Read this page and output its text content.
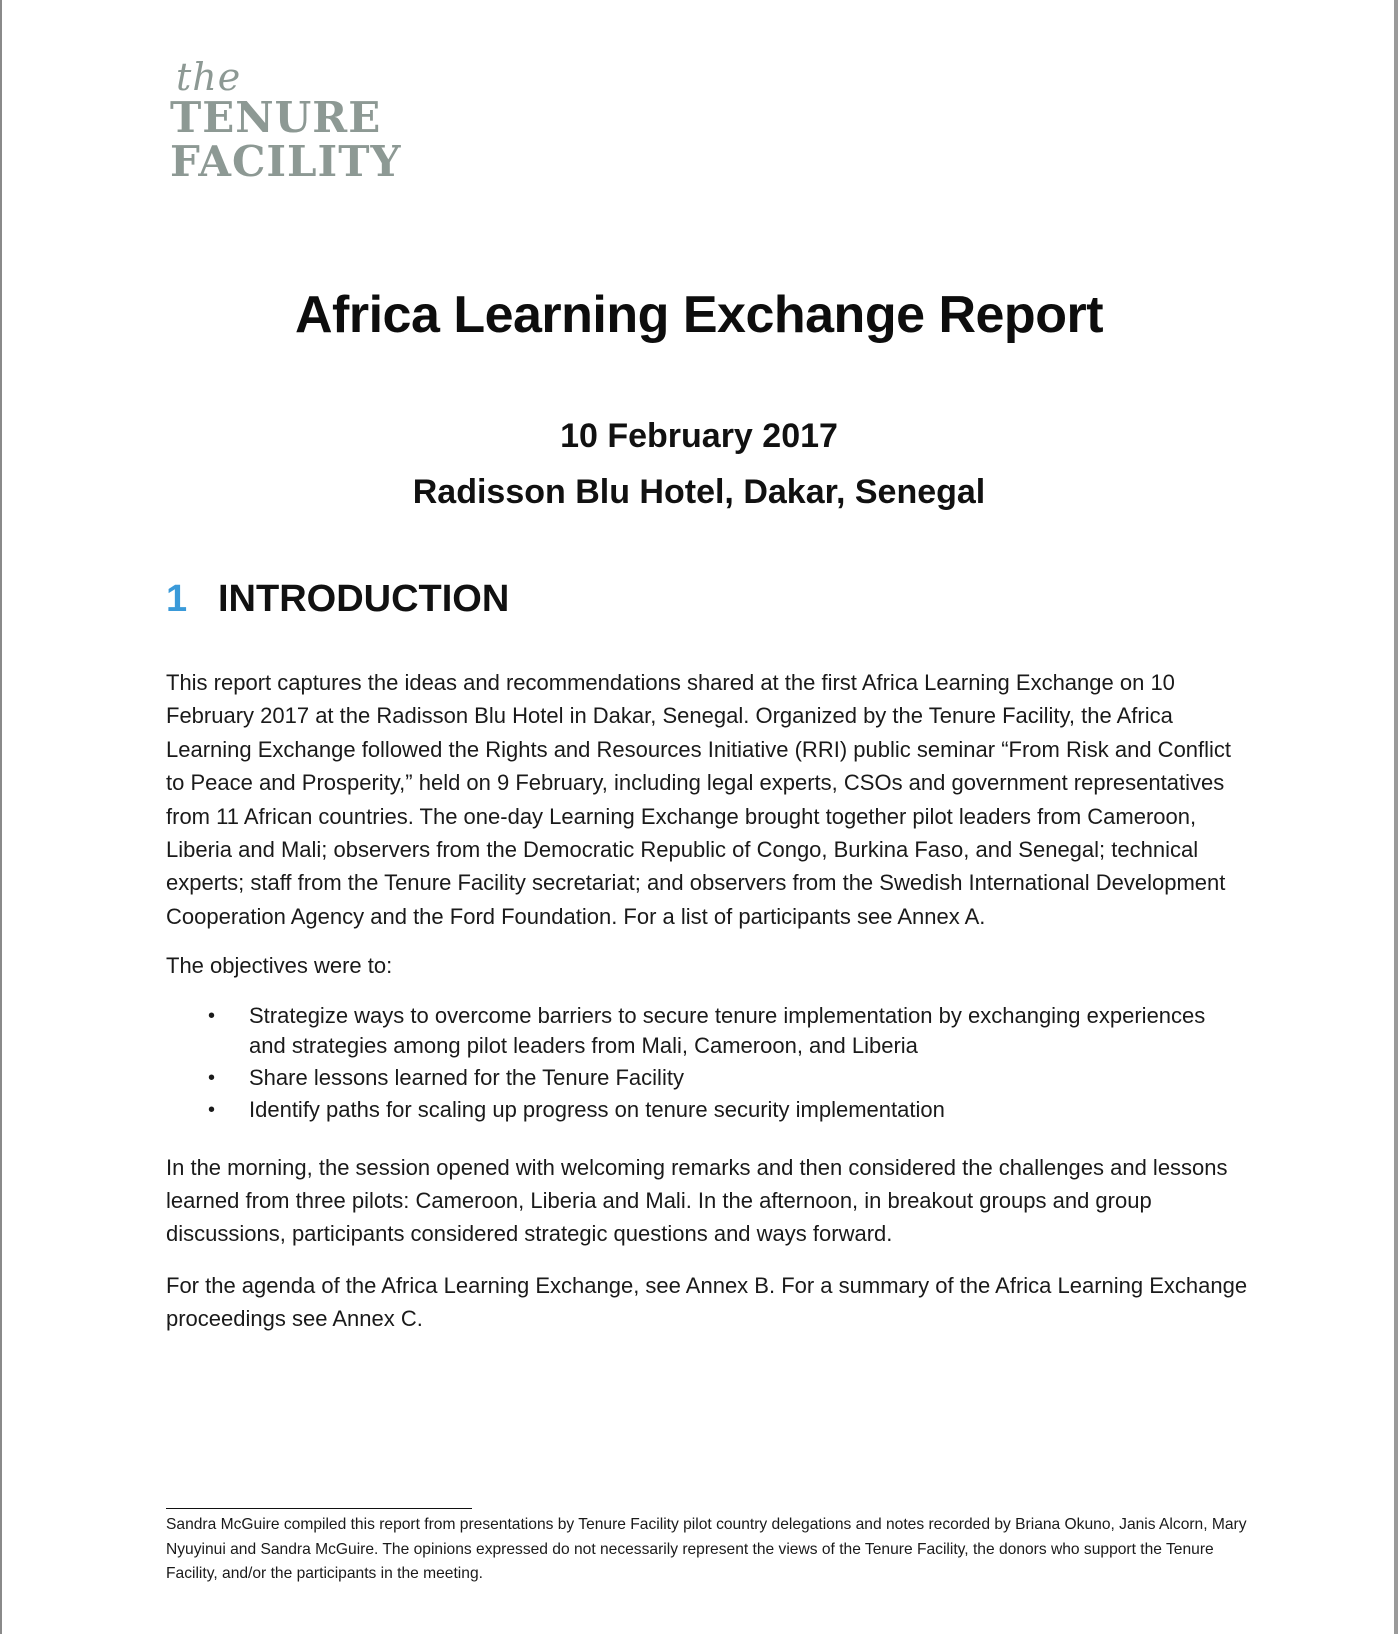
the
TENURE
FACILITY
Africa Learning Exchange Report
10 February 2017
Radisson Blu Hotel, Dakar, Senegal
1 INTRODUCTION

This report captures the ideas and recommendations shared at the first Africa Learning Exchange on 10 February 2017 at the Radisson Blu Hotel in Dakar, Senegal. Organized by the Tenure Facility, the Africa Learning Exchange followed the Rights and Resources Initiative (RRI) public seminar “From Risk and Conflict to Peace and Prosperity,” held on 9 February, including legal experts, CSOs and government representatives from 11 African countries. The one-day Learning Exchange brought together pilot leaders from Cameroon, Liberia and Mali; observers from the Democratic Republic of Congo, Burkina Faso, and Senegal; technical experts; staff from the Tenure Facility secretariat; and observers from the Swedish International Development Cooperation Agency and the Ford Foundation. For a list of participants see Annex A.

The objectives were to:

• Strategize ways to overcome barriers to secure tenure implementation by exchanging experiences and strategies among pilot leaders from Mali, Cameroon, and Liberia
• Share lessons learned for the Tenure Facility
• Identify paths for scaling up progress on tenure security implementation

In the morning, the session opened with welcoming remarks and then considered the challenges and lessons learned from three pilots: Cameroon, Liberia and Mali. In the afternoon, in breakout groups and group discussions, participants considered strategic questions and ways forward.

For the agenda of the Africa Learning Exchange, see Annex B. For a summary of the Africa Learning Exchange proceedings see Annex C.

Sandra McGuire compiled this report from presentations by Tenure Facility pilot country delegations and notes recorded by Briana Okuno, Janis Alcorn, Mary Nyuyinui and Sandra McGuire. The opinions expressed do not necessarily represent the views of the Tenure Facility, the donors who support the Tenure Facility, and/or the participants in the meeting.
